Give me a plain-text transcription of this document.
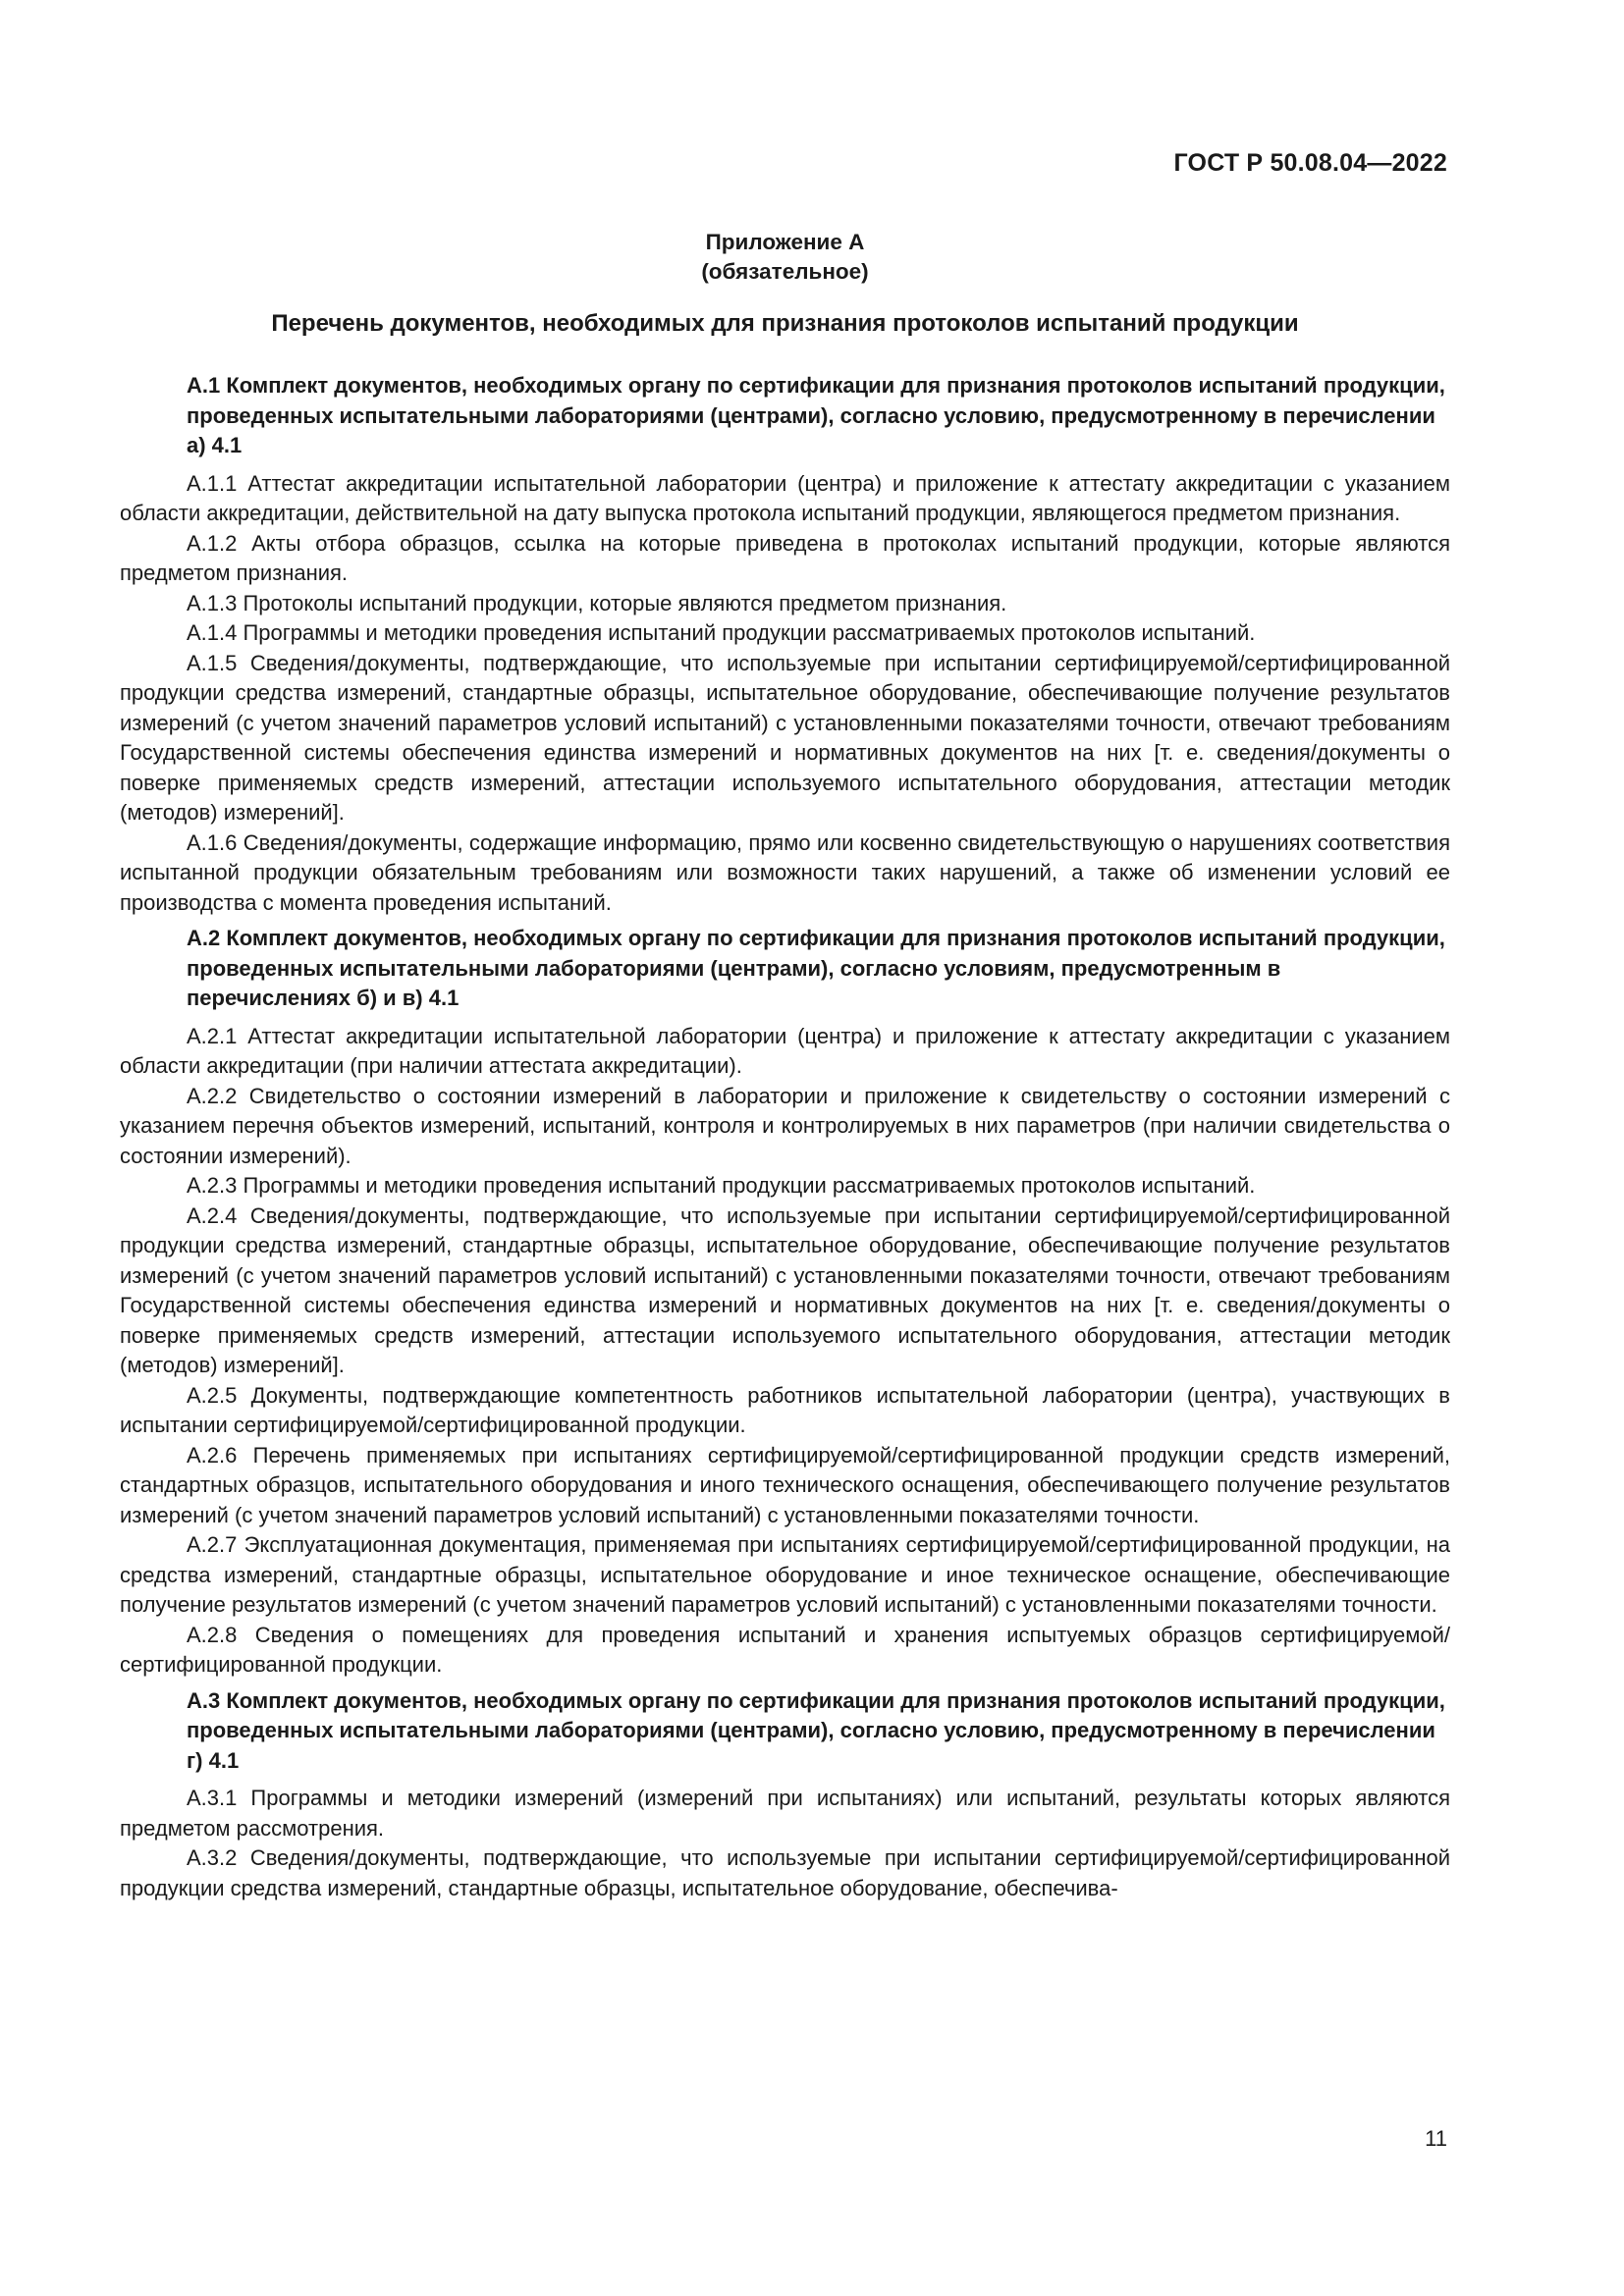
ГОСТ Р 50.08.04—2022
Приложение А
(обязательное)
Перечень документов, необходимых для признания протоколов испытаний продукции
А.1 Комплект документов, необходимых органу по сертификации для признания протоколов испытаний продукции, проведенных испытательными лабораториями (центрами), согласно условию, предусмотренному в перечислении а) 4.1

А.1.1 Аттестат аккредитации испытательной лаборатории (центра) и приложение к аттестату аккредитации с указанием области аккредитации, действительной на дату выпуска протокола испытаний продукции, являющегося предметом признания.

А.1.2 Акты отбора образцов, ссылка на которые приведена в протоколах испытаний продукции, которые являются предметом признания.

А.1.3 Протоколы испытаний продукции, которые являются предметом признания.

А.1.4 Программы и методики проведения испытаний продукции рассматриваемых протоколов испытаний.

А.1.5 Сведения/документы, подтверждающие, что используемые при испытании сертифицируемой/сертифицированной продукции средства измерений, стандартные образцы, испытательное оборудование, обеспечивающие получение результатов измерений (с учетом значений параметров условий испытаний) с установленными показателями точности, отвечают требованиям Государственной системы обеспечения единства измерений и нормативных документов на них [т. е. сведения/документы о поверке применяемых средств измерений, аттестации используемого испытательного оборудования, аттестации методик (методов) измерений].

А.1.6 Сведения/документы, содержащие информацию, прямо или косвенно свидетельствующую о нарушениях соответствия испытанной продукции обязательным требованиям или возможности таких нарушений, а также об изменении условий ее производства с момента проведения испытаний.

А.2 Комплект документов, необходимых органу по сертификации для признания протоколов испытаний продукции, проведенных испытательными лабораториями (центрами), согласно условиям, предусмотренным в перечислениях б) и в) 4.1

А.2.1 Аттестат аккредитации испытательной лаборатории (центра) и приложение к аттестату аккредитации с указанием области аккредитации (при наличии аттестата аккредитации).

А.2.2 Свидетельство о состоянии измерений в лаборатории и приложение к свидетельству о состоянии измерений с указанием перечня объектов измерений, испытаний, контроля и контролируемых в них параметров (при наличии свидетельства о состоянии измерений).

А.2.3 Программы и методики проведения испытаний продукции рассматриваемых протоколов испытаний.

А.2.4 Сведения/документы, подтверждающие, что используемые при испытании сертифицируемой/сертифицированной продукции средства измерений, стандартные образцы, испытательное оборудование, обеспечивающие получение результатов измерений (с учетом значений параметров условий испытаний) с установленными показателями точности, отвечают требованиям Государственной системы обеспечения единства измерений и нормативных документов на них [т. е. сведения/документы о поверке применяемых средств измерений, аттестации используемого испытательного оборудования, аттестации методик (методов) измерений].

А.2.5 Документы, подтверждающие компетентность работников испытательной лаборатории (центра), участвующих в испытании сертифицируемой/сертифицированной продукции.

А.2.6 Перечень применяемых при испытаниях сертифицируемой/сертифицированной продукции средств измерений, стандартных образцов, испытательного оборудования и иного технического оснащения, обеспечивающего получение результатов измерений (с учетом значений параметров условий испытаний) с установленными показателями точности.

А.2.7 Эксплуатационная документация, применяемая при испытаниях сертифицируемой/сертифицированной продукции, на средства измерений, стандартные образцы, испытательное оборудование и иное техническое оснащение, обеспечивающие получение результатов измерений (с учетом значений параметров условий испытаний) с установленными показателями точности.

А.2.8 Сведения о помещениях для проведения испытаний и хранения испытуемых образцов сертифицируемой/сертифицированной продукции.

А.3 Комплект документов, необходимых органу по сертификации для признания протоколов испытаний продукции, проведенных испытательными лабораториями (центрами), согласно условию, предусмотренному в перечислении г) 4.1

А.3.1 Программы и методики измерений (измерений при испытаниях) или испытаний, результаты которых являются предметом рассмотрения.

А.3.2 Сведения/документы, подтверждающие, что используемые при испытании сертифицируемой/сертифицированной продукции средства измерений, стандартные образцы, испытательное оборудование, обеспечива-

11
